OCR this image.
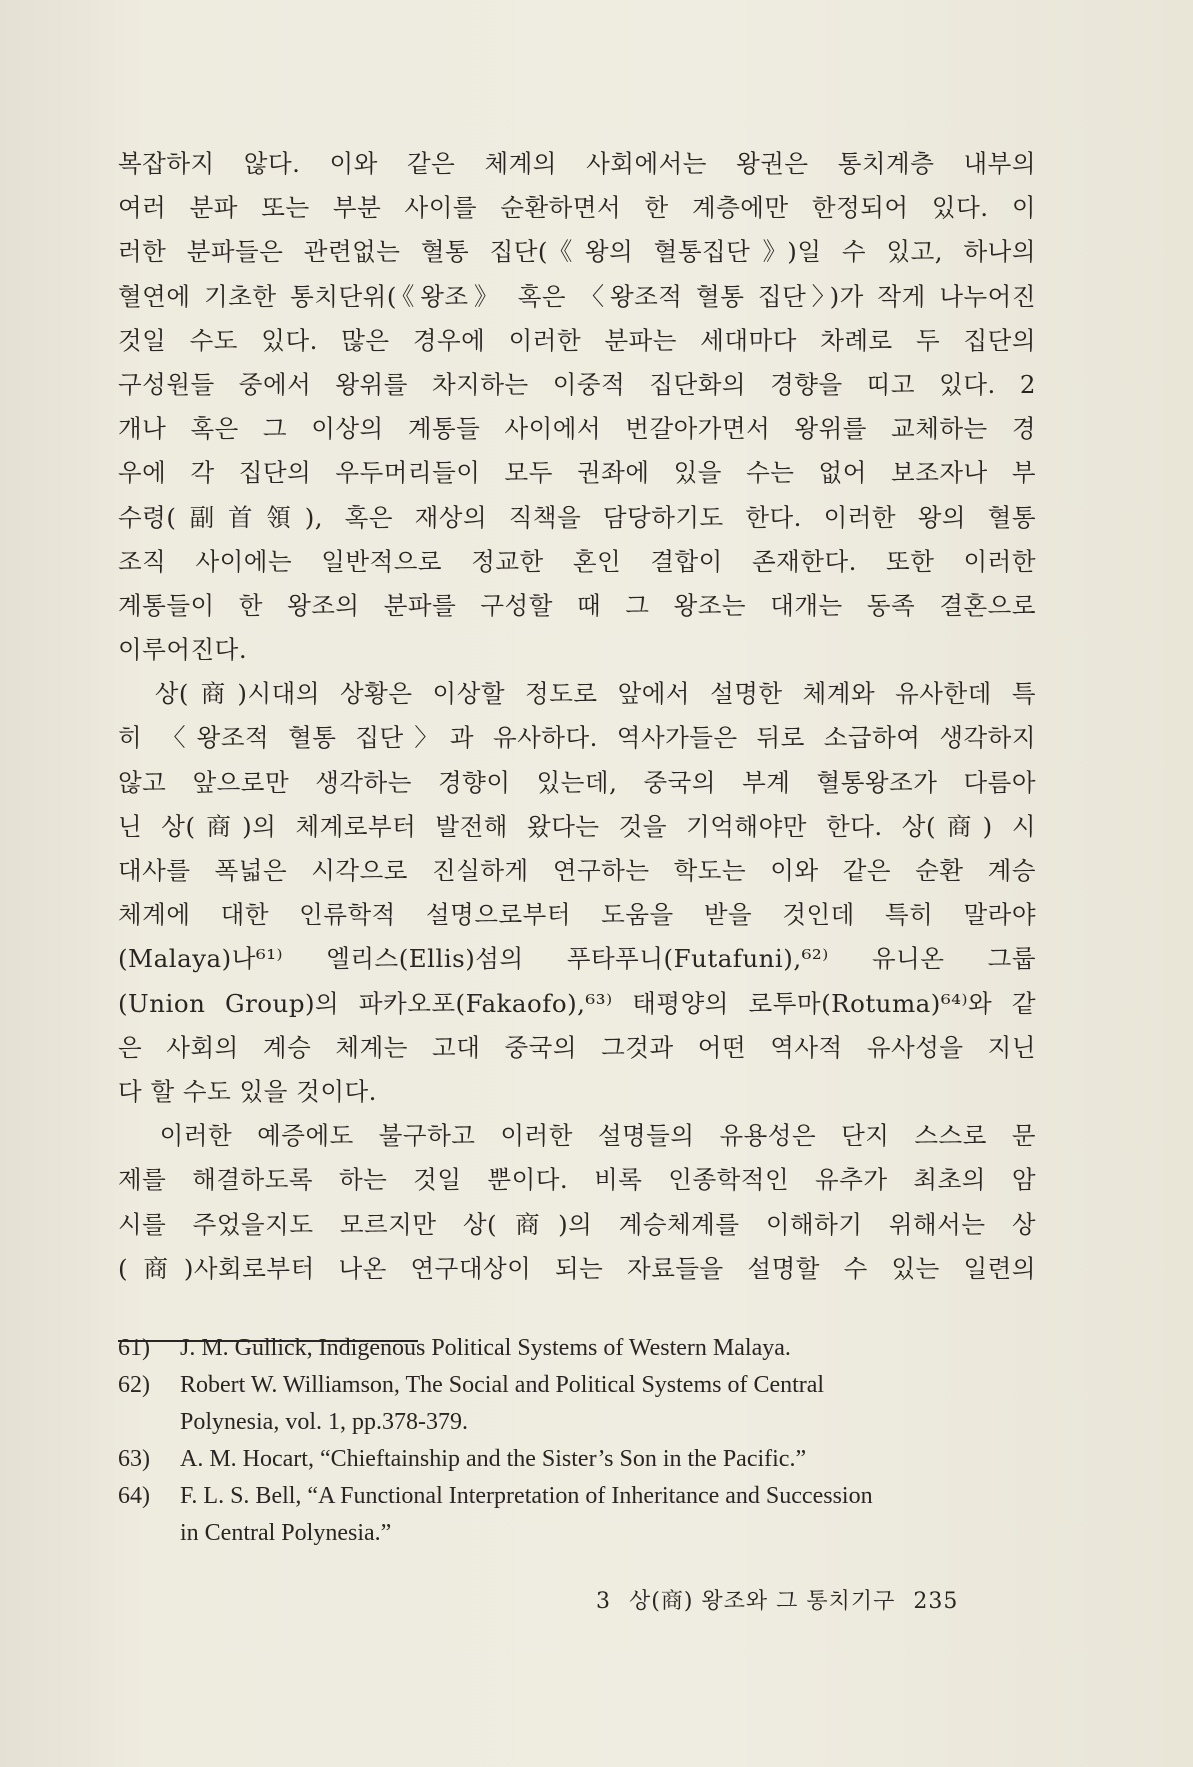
복잡하지 않다. 이와 같은 체계의 사회에서는 왕권은 통치계층 내부의
여러 분파 또는 부분 사이를 순환하면서 한 계층에만 한정되어 있다. 이
러한 분파들은 관련없는 혈통 집단(《왕의 혈통집단》)일 수 있고, 하나의
혈연에 기초한 통치단위(《왕조》 혹은 〈왕조적 혈통 집단〉)가 작게 나누어진
것일 수도 있다. 많은 경우에 이러한 분파는 세대마다 차례로 두 집단의
구성원들 중에서 왕위를 차지하는 이중적 집단화의 경향을 띠고 있다. 2
개나 혹은 그 이상의 계통들 사이에서 번갈아가면서 왕위를 교체하는 경
우에 각 집단의 우두머리들이 모두 권좌에 있을 수는 없어 보조자나 부
수령(副首領), 혹은 재상의 직책을 담당하기도 한다. 이러한 왕의 혈통
조직 사이에는 일반적으로 정교한 혼인 결합이 존재한다. 또한 이러한
계통들이 한 왕조의 분파를 구성할 때 그 왕조는 대개는 동족 결혼으로
이루어진다.
　상(商)시대의 상황은 이상할 정도로 앞에서 설명한 체계와 유사한데 특
히 〈왕조적 혈통 집단〉과 유사하다. 역사가들은 뒤로 소급하여 생각하지
않고 앞으로만 생각하는 경향이 있는데, 중국의 부계 혈통왕조가 다름아
닌 상(商)의 체계로부터 발전해 왔다는 것을 기억해야만 한다. 상(商) 시
대사를 폭넓은 시각으로 진실하게 연구하는 학도는 이와 같은 순환 계승
체계에 대한 인류학적 설명으로부터 도움을 받을 것인데 특히 말라야
(Malaya)나⁶¹⁾ 엘리스(Ellis)섬의 푸타푸니(Futafuni),⁶²⁾ 유니온 그룹
(Union Group)의 파카오포(Fakaofo),⁶³⁾ 태평양의 로투마(Rotuma)⁶⁴⁾와 같
은 사회의 계승 체계는 고대 중국의 그것과 어떤 역사적 유사성을 지닌
다 할 수도 있을 것이다.
　이러한 예증에도 불구하고 이러한 설명들의 유용성은 단지 스스로 문
제를 해결하도록 하는 것일 뿐이다. 비록 인종학적인 유추가 최초의 암
시를 주었을지도 모르지만 상(商)의 계승체계를 이해하기 위해서는 상
(商)사회로부터 나온 연구대상이 되는 자료들을 설명할 수 있는 일련의
61)	J. M. Gullick, Indigenous Political Systems of Western Malaya.
62)	Robert W. Williamson, The Social and Political Systems of Central
Polynesia, vol. 1, pp.378-379.
63)	A. M. Hocart, “Chieftainship and the Sister’s Son in the Pacific.”
64)	F. L. S. Bell, “A Functional Interpretation of Inheritance and Succession
in Central Polynesia.”
3 상(商) 왕조와 그 통치기구 235
